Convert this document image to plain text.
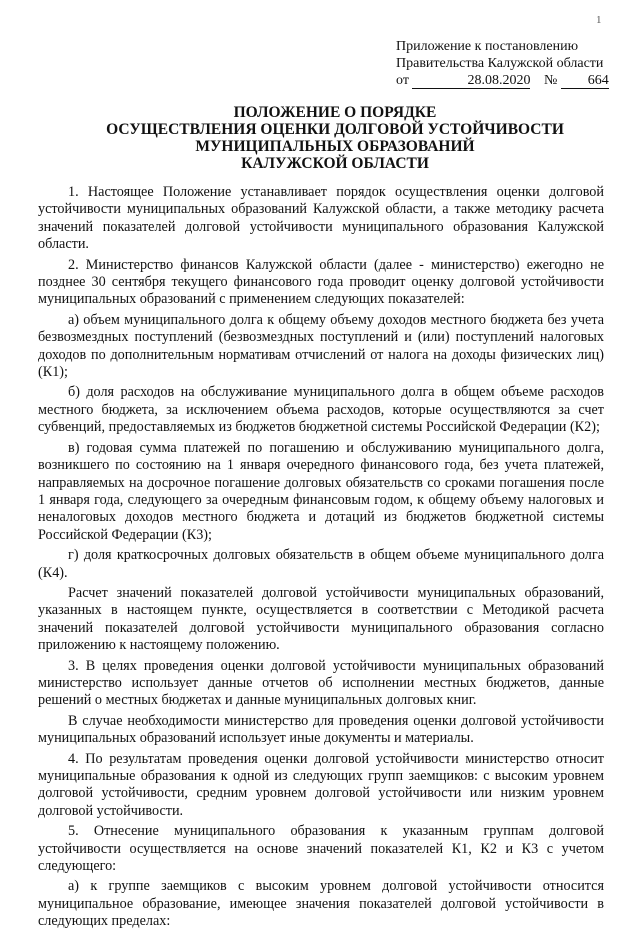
1
Приложение к постановлению
Правительства Калужской области
от	28.08.2020 № 664
ПОЛОЖЕНИЕ О ПОРЯДКЕ
ОСУЩЕСТВЛЕНИЯ ОЦЕНКИ ДОЛГОВОЙ УСТОЙЧИВОСТИ
МУНИЦИПАЛЬНЫХ ОБРАЗОВАНИЙ
КАЛУЖСКОЙ ОБЛАСТИ

1. Настоящее Положение устанавливает порядок осуществления оценки долговой устойчивости муниципальных образований Калужской области, а также методику расчета значений показателей долговой устойчивости муниципального образования Калужской области.

2. Министерство финансов Калужской области (далее - министерство) ежегодно не позднее 30 сентября текущего финансового года проводит оценку долговой устойчивости муниципальных образований с применением следующих показателей:

а) объем муниципального долга к общему объему доходов местного бюджета без учета безвозмездных поступлений (безвозмездных поступлений и (или) поступлений налоговых доходов по дополнительным нормативам отчислений от налога на доходы физических лиц) (К1);

б) доля расходов на обслуживание муниципального долга в общем объеме расходов местного бюджета, за исключением объема расходов, которые осуществляются за счет субвенций, предоставляемых из бюджетов бюджетной системы Российской Федерации (К2);

в) годовая сумма платежей по погашению и обслуживанию муниципального долга, возникшего по состоянию на 1 января очередного финансового года, без учета платежей, направляемых на досрочное погашение долговых обязательств со сроками погашения после 1 января года, следующего за очередным финансовым годом, к общему объему налоговых и неналоговых доходов местного бюджета и дотаций из бюджетов бюджетной системы Российской Федерации (К3);

г) доля краткосрочных долговых обязательств в общем объеме муниципального долга (К4).

Расчет значений показателей долговой устойчивости муниципальных образований, указанных в настоящем пункте, осуществляется в соответствии с Методикой расчета значений показателей долговой устойчивости муниципального образования согласно приложению к настоящему положению.

3. В целях проведения оценки долговой устойчивости муниципальных образований министерство использует данные отчетов об исполнении местных бюджетов, данные решений о местных бюджетах и данные муниципальных долговых книг.

В случае необходимости министерство для проведения оценки долговой устойчивости муниципальных образований использует иные документы и материалы.

4. По результатам проведения оценки долговой устойчивости министерство относит муниципальные образования к одной из следующих групп заемщиков: с высоким уровнем долговой устойчивости, средним уровнем долговой устойчивости или низким уровнем долговой устойчивости.

5. Отнесение муниципального образования к указанным группам долговой устойчивости осуществляется на основе значений показателей К1, К2 и К3 с учетом следующего:

а) к группе заемщиков с высоким уровнем долговой устойчивости относится муниципальное образование, имеющее значения показателей долговой устойчивости в следующих пределах:
